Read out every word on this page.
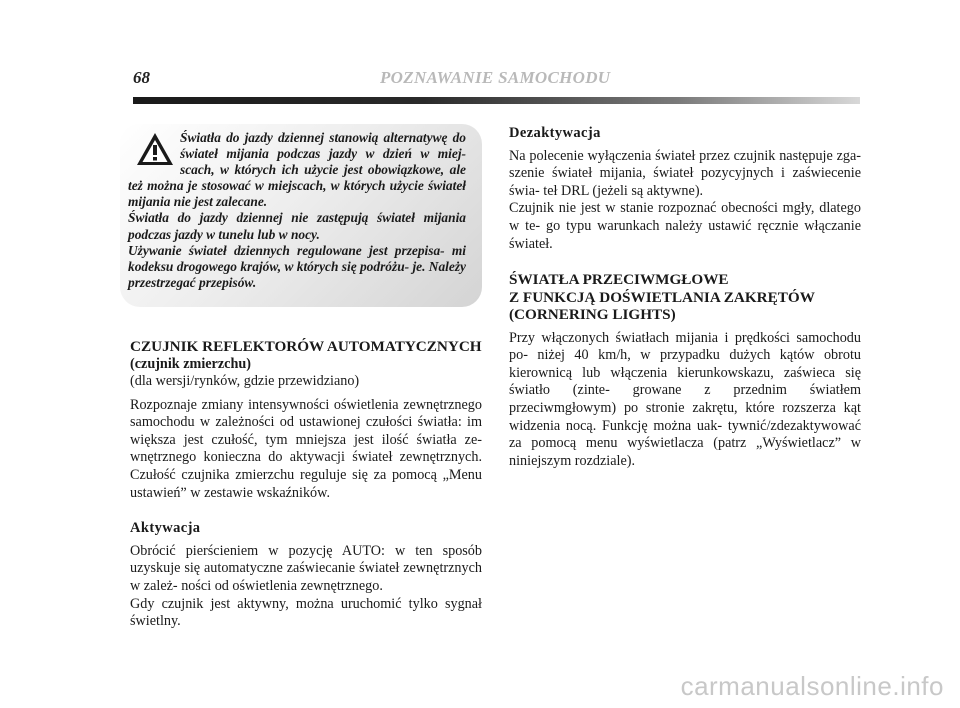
68	POZNAWANIE SAMOCHODU

Światła do jazdy dziennej stanowią alternatywę do świateł mijania podczas jazdy w dzień w miej- scach, w których ich użycie jest obowiązkowe, ale też można je stosować w miejscach, w których użycie świateł mijania nie jest zalecane.

Światła do jazdy dziennej nie zastępują świateł mijania podczas jazdy w tunelu lub w nocy.

Używanie świateł dziennych regulowane jest przepisa- mi kodeksu drogowego krajów, w których się podróżu- je. Należy przestrzegać przepisów.

CZUJNIK REFLEKTORÓW AUTOMATYCZNYCH

(czujnik zmierzchu)

(dla wersji/rynków, gdzie przewidziano)

Rozpoznaje zmiany intensywności oświetlenia zewnętrznego samochodu w zależności od ustawionej czułości światła: im większa jest czułość, tym mniejsza jest ilość światła ze- wnętrznego konieczna do aktywacji świateł zewnętrznych. Czułość czujnika zmierzchu reguluje się za pomocą „Menu ustawień” w zestawie wskaźników.

Aktywacja

Obrócić pierścieniem w pozycję AUTO: w ten sposób uzyskuje się automatyczne zaświecanie świateł zewnętrznych w zależ- ności od oświetlenia zewnętrznego.

Gdy czujnik jest aktywny, można uruchomić tylko sygnał świetlny.

Dezaktywacja

Na polecenie wyłączenia świateł przez czujnik następuje zga- szenie świateł mijania, świateł pozycyjnych i zaświecenie świa- teł DRL (jeżeli są aktywne).

Czujnik nie jest w stanie rozpoznać obecności mgły, dlatego w te- go typu warunkach należy ustawić ręcznie włączanie świateł.

ŚWIATŁA PRZECIWMGŁOWE
Z FUNKCJĄ DOŚWIETLANIA ZAKRĘTÓW
(CORNERING LIGHTS)

Przy włączonych światłach mijania i prędkości samochodu po- niżej 40 km/h, w przypadku dużych kątów obrotu kierownicą lub włączenia kierunkowskazu, zaświeca się światło (zinte- growane z przednim światłem przeciwmgłowym) po stronie zakrętu, które rozszerza kąt widzenia nocą. Funkcję można uak- tywnić/zdezaktywować za pomocą menu wyświetlacza (patrz „Wyświetlacz” w niniejszym rozdziale).

carmanualsonline.info
